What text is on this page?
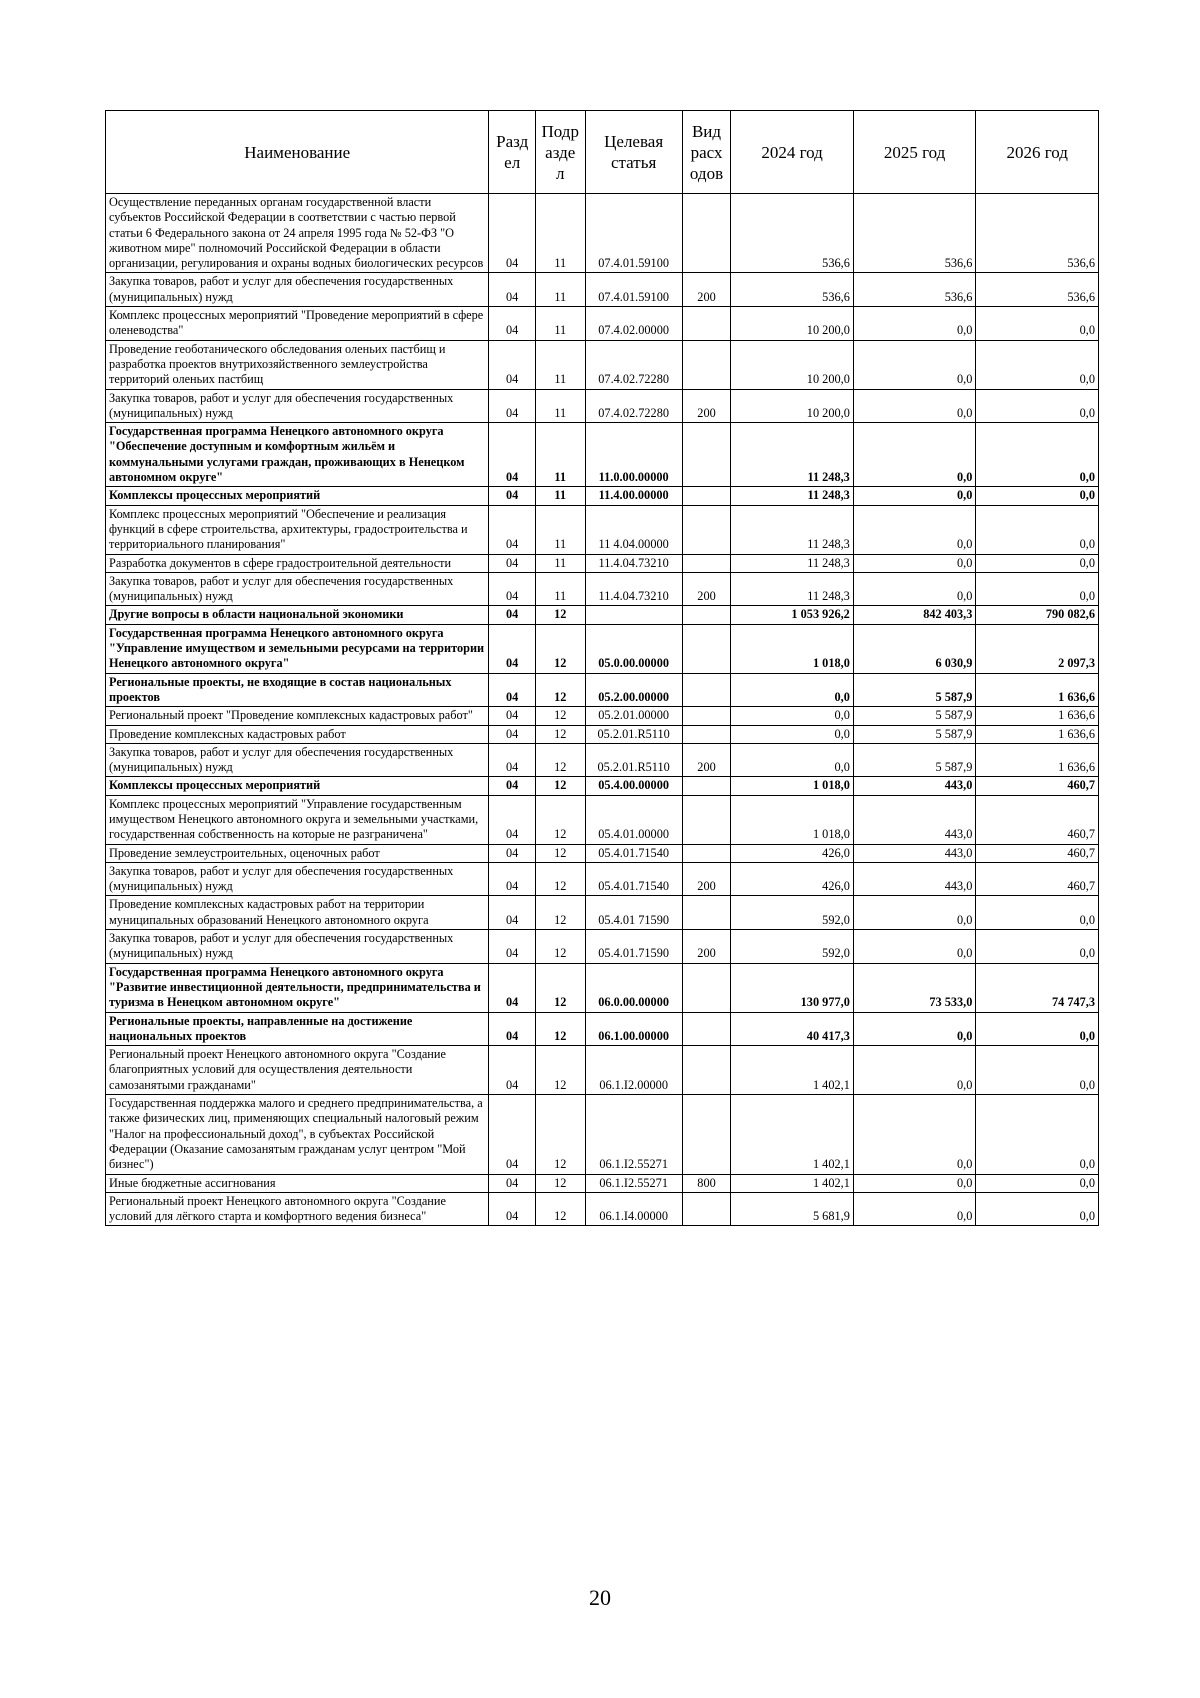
Наименование	Разд ел	Подр азде л	Целевая статья	Вид расх одов	2024 год	2025 год	2026 год
Осуществление переданных органам государственной власти субъектов Российской Федерации в соответствии с частью первой статьи 6 Федерального закона от 24 апреля 1995 года № 52-ФЗ "О животном мире" полномочий Российской Федерации в области организации, регулирования и охраны водных биологических ресурсов	04	11	07.4.01.59100		536,6	536,6	536,6
Закупка товаров, работ и услуг для обеспечения государственных (муниципальных) нужд	04	11	07.4.01.59100	200	536,6	536,6	536,6
Комплекс процессных мероприятий "Проведение мероприятий в сфере оленеводства"	04	11	07.4.02.00000		10 200,0	0,0	0,0
Проведение геоботанического обследования оленьих пастбищ и разработка проектов внутрихозяйственного землеустройства территорий оленьих пастбищ	04	11	07.4.02.72280		10 200,0	0,0	0,0
Закупка товаров, работ и услуг для обеспечения государственных (муниципальных) нужд	04	11	07.4.02.72280	200	10 200,0	0,0	0,0
Государственная программа Ненецкого автономного округа "Обеспечение доступным и комфортным жильём и коммунальными услугами граждан, проживающих в Ненецком автономном округе"	04	11	11.0.00.00000		11 248,3	0,0	0,0
Комплексы процессных мероприятий	04	11	11.4.00.00000		11 248,3	0,0	0,0
Комплекс процессных мероприятий "Обеспечение и реализация функций в сфере строительства, архитектуры, градостроительства и территориального планирования"	04	11	11 4.04.00000		11 248,3	0,0	0,0
Разработка документов в сфере градостроительной деятельности	04	11	11.4.04.73210		11 248,3	0,0	0,0
Закупка товаров, работ и услуг для обеспечения государственных (муниципальных) нужд	04	11	11.4.04.73210	200	11 248,3	0,0	0,0
Другие вопросы в области национальной экономики	04	12			1 053 926,2	842 403,3	790 082,6
Государственная программа Ненецкого автономного округа "Управление имуществом и земельными ресурсами на территории Ненецкого автономного округа"	04	12	05.0.00.00000		1 018,0	6 030,9	2 097,3
Региональные проекты, не входящие в состав национальных проектов	04	12	05.2.00.00000		0,0	5 587,9	1 636,6
Региональный проект "Проведение комплексных кадастровых работ"	04	12	05.2.01.00000		0,0	5 587,9	1 636,6
Проведение комплексных кадастровых работ	04	12	05.2.01.R5110		0,0	5 587,9	1 636,6
Закупка товаров, работ и услуг для обеспечения государственных (муниципальных) нужд	04	12	05.2.01.R5110	200	0,0	5 587,9	1 636,6
Комплексы процессных мероприятий	04	12	05.4.00.00000		1 018,0	443,0	460,7
Комплекс процессных мероприятий "Управление государственным имуществом Ненецкого автономного округа и земельными участками, государственная собственность на которые не разграничена"	04	12	05.4.01.00000		1 018,0	443,0	460,7
Проведение землеустроительных, оценочных работ	04	12	05.4.01.71540		426,0	443,0	460,7
Закупка товаров, работ и услуг для обеспечения государственных (муниципальных) нужд	04	12	05.4.01.71540	200	426,0	443,0	460,7
Проведение комплексных кадастровых работ на территории муниципальных образований Ненецкого автономного округа	04	12	05.4.01 71590		592,0	0,0	0,0
Закупка товаров, работ и услуг для обеспечения государственных (муниципальных) нужд	04	12	05.4.01.71590	200	592,0	0,0	0,0
Государственная программа Ненецкого автономного округа "Развитие инвестиционной деятельности, предпринимательства и туризма в Ненецком автономном округе"	04	12	06.0.00.00000		130 977,0	73 533,0	74 747,3
Региональные проекты, направленные на достижение национальных проектов	04	12	06.1.00.00000		40 417,3	0,0	0,0
Региональный проект Ненецкого автономного округа "Создание благоприятных условий для осуществления деятельности самозанятыми гражданами"	04	12	06.1.I2.00000		1 402,1	0,0	0,0
Государственная поддержка малого и среднего предпринимательства, а также физических лиц, применяющих специальный налоговый режим "Налог на профессиональный доход", в субъектах Российской Федерации (Оказание самозанятым гражданам услуг центром "Мой бизнес")	04	12	06.1.I2.55271		1 402,1	0,0	0,0
Иные бюджетные ассигнования	04	12	06.1.I2.55271	800	1 402,1	0,0	0,0
Региональный проект Ненецкого автономного округа "Создание условий для лёгкого старта и комфортного ведения бизнеса"	04	12	06.1.I4.00000		5 681,9	0,0	0,0
20
